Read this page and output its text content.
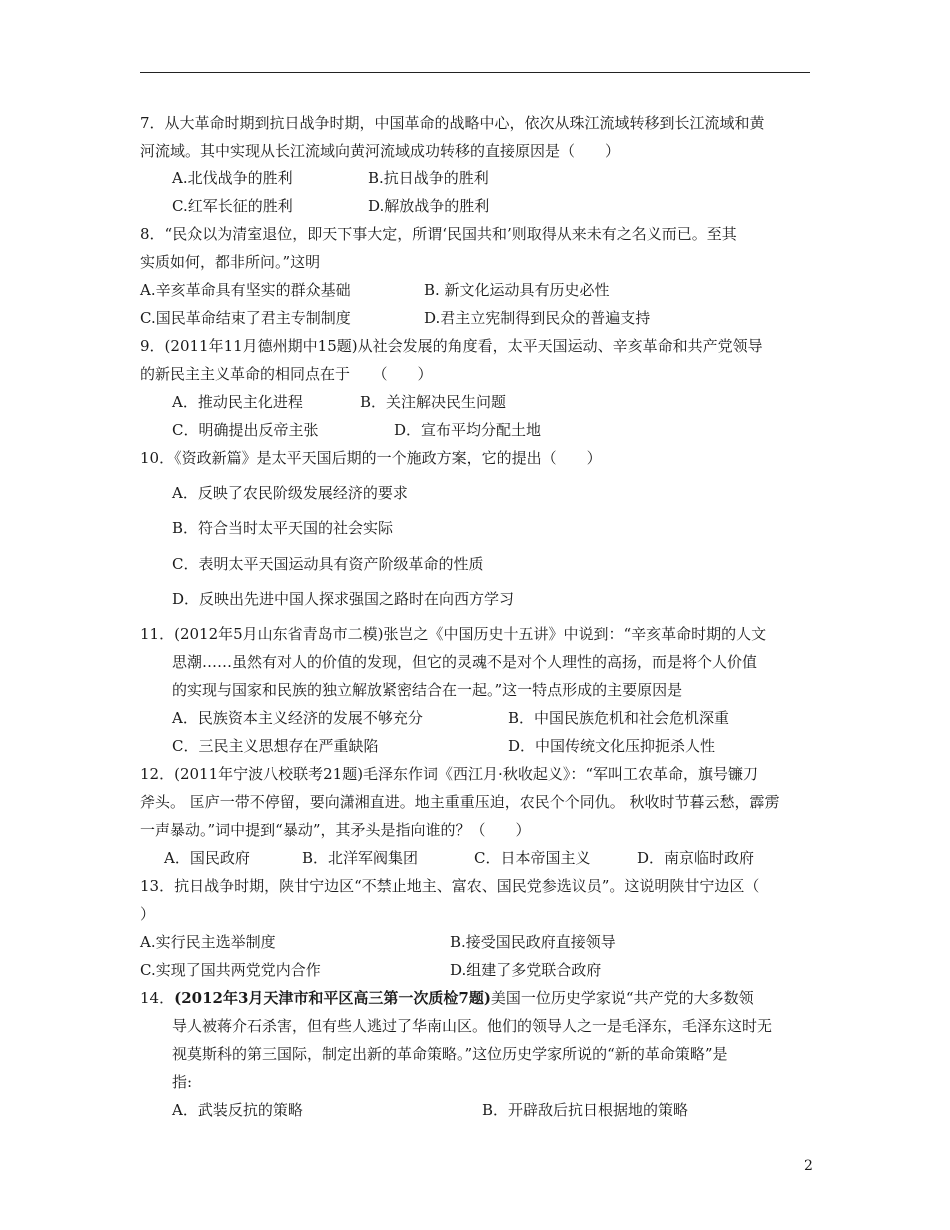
7．从大革命时期到抗日战争时期，中国革命的战略中心，依次从珠江流域转移到长江流域和黄
河流域。其中实现从长江流域向黄河流域成功转移的直接原因是（　　）
A.北伐战争的胜利	B.抗日战争的胜利
C.红军长征的胜利	D.解放战争的胜利
8．“民众以为清室退位，即天下事大定，所谓‘民国共和’则取得从来未有之名义而已。至其
实质如何，都非所问。”这明
A.辛亥革命具有坚实的群众基础	B. 新文化运动具有历史必性
C.国民革命结束了君主专制制度	D.君主立宪制得到民众的普遍支持
9．(2011年11月德州期中15题)从社会发展的角度看，太平天国运动、辛亥革命和共产党领导
的新民主主义革命的相同点在于　　（　　）
A．推动民主化进程	B．关注解决民生问题
C．明确提出反帝主张	D．宣布平均分配土地
10．《资政新篇》是太平天国后期的一个施政方案，它的提出（　　）
A．反映了农民阶级发展经济的要求
B．符合当时太平天国的社会实际
C．表明太平天国运动具有资产阶级革命的性质
D．反映出先进中国人探求强国之路时在向西方学习
11．(2012年5月山东省青岛市二模)张岂之《中国历史十五讲》中说到：“辛亥革命时期的人文
思潮……虽然有对人的价值的发现，但它的灵魂不是对个人理性的高扬，而是将个人价值
的实现与国家和民族的独立解放紧密结合在一起。”这一特点形成的主要原因是
A．民族资本主义经济的发展不够充分	B．中国民族危机和社会危机深重
C．三民主义思想存在严重缺陷	D．中国传统文化压抑扼杀人性
12．(2011年宁波八校联考21题)毛泽东作词《西江月·秋收起义》：“军叫工农革命，旗号镰刀
斧头。 匡庐一带不停留，要向潇湘直进。地主重重压迫，农民个个同仇。 秋收时节暮云愁，霹雳
一声暴动。”词中提到“暴动”，其矛头是指向谁的？（　　）
A．国民政府	B．北洋军阀集团	C．日本帝国主义	D．南京临时政府
13．抗日战争时期，陕甘宁边区“不禁止地主、富农、国民党参选议员”。这说明陕甘宁边区（
）
A.实行民主选举制度	B.接受国民政府直接领导
C.实现了国共两党党内合作	D.组建了多党联合政府
14．(2012年3月天津市和平区高三第一次质检7题)美国一位历史学家说“共产党的大多数领
导人被蒋介石杀害，但有些人逃过了华南山区。他们的领导人之一是毛泽东，毛泽东这时无
视莫斯科的第三国际，制定出新的革命策略。”这位历史学家所说的“新的革命策略”是
指:
A．武装反抗的策略	B．开辟敌后抗日根据地的策略
2
